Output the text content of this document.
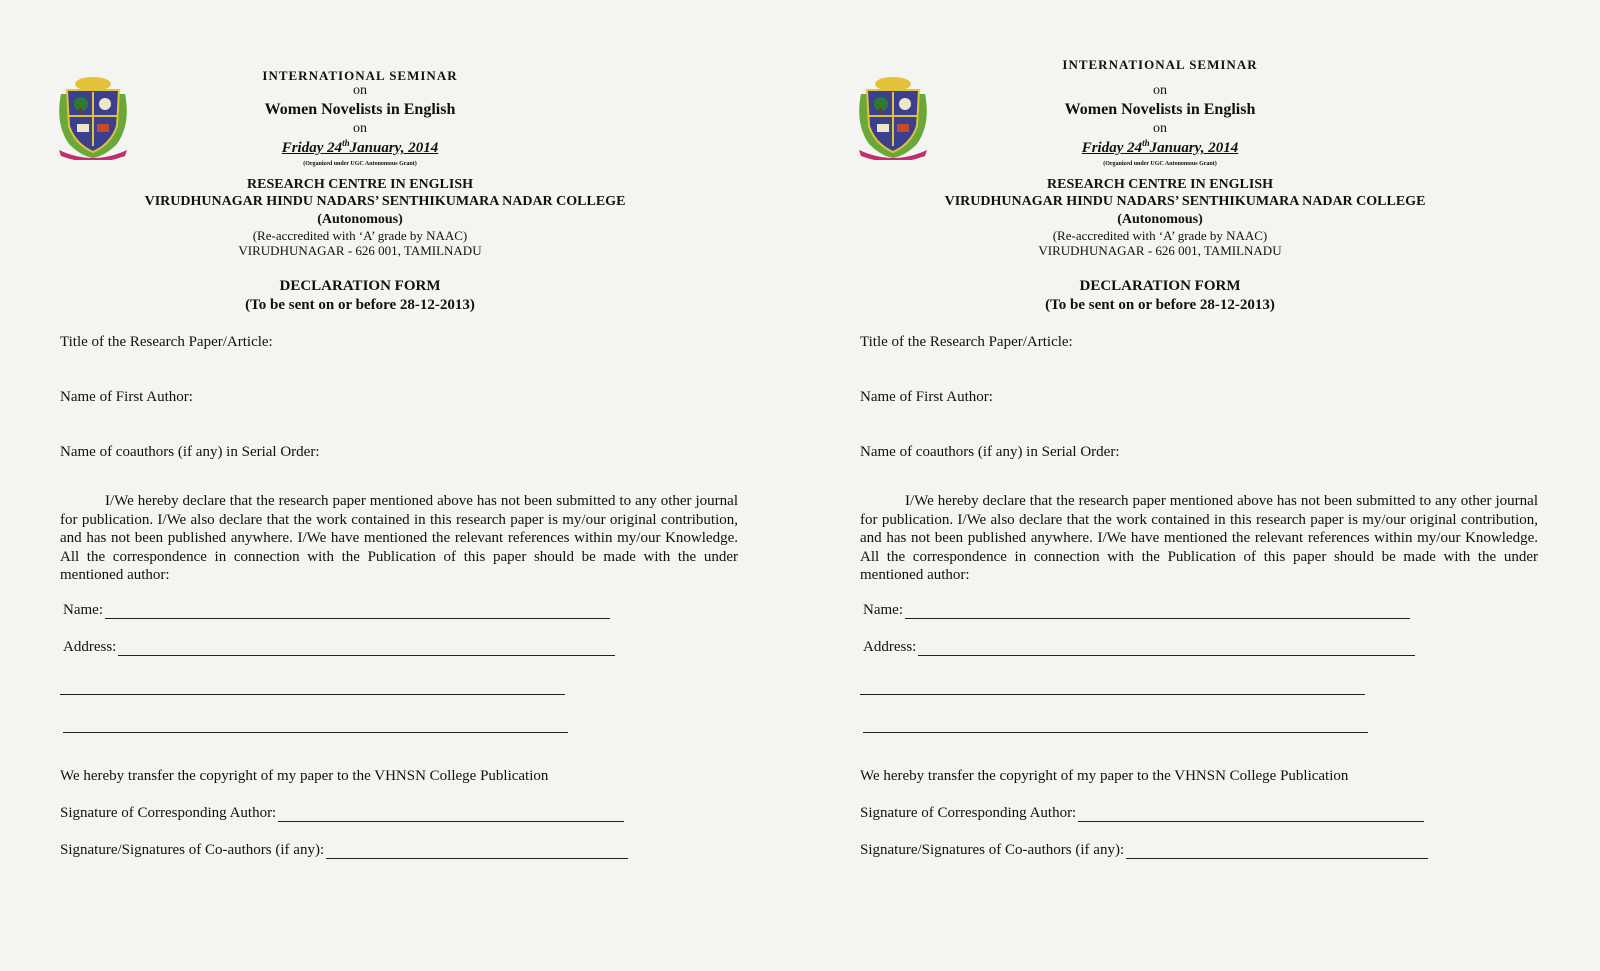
INTERNATIONAL SEMINAR
on
Women Novelists in English
on
Friday 24thJanuary, 2014
(Organized under UGC Autonomous Grant)
RESEARCH CENTRE IN ENGLISH
VIRUDHUNAGAR HINDU NADARS’ SENTHIKUMARA NADAR COLLEGE
(Autonomous)
(Re-accredited with ‘A’ grade by NAAC)
VIRUDHUNAGAR - 626 001, TAMILNADU
DECLARATION FORM
(To be sent on or before 28-12-2013)
Title of the Research Paper/Article:
Name of First Author:
Name of coauthors (if any) in Serial Order:

I/We hereby declare that the research paper mentioned above has not been submitted to any other journal for publication. I/We also declare that the work contained in this research paper is my/our original contribution, and has not been published anywhere. I/We have mentioned the relevant references within my/our Knowledge. All the correspondence in connection with the Publication of this paper should be made with the under mentioned author:

Name:
Address:
We hereby transfer the copyright of my paper to the VHNSN College Publication
Signature of Corresponding Author:
Signature/Signatures of Co-authors (if any):
INTERNATIONAL SEMINAR
on
Women Novelists in English
on
Friday 24thJanuary, 2014
(Organized under UGC Autonomous Grant)
RESEARCH CENTRE IN ENGLISH
VIRUDHUNAGAR HINDU NADARS’ SENTHIKUMARA NADAR COLLEGE
(Autonomous)
(Re-accredited with ‘A’ grade by NAAC)
VIRUDHUNAGAR - 626 001, TAMILNADU
DECLARATION FORM
(To be sent on or before 28-12-2013)
Title of the Research Paper/Article:
Name of First Author:
Name of coauthors (if any) in Serial Order:

I/We hereby declare that the research paper mentioned above has not been submitted to any other journal for publication. I/We also declare that the work contained in this research paper is my/our original contribution, and has not been published anywhere. I/We have mentioned the relevant references within my/our Knowledge. All the correspondence in connection with the Publication of this paper should be made with the under mentioned author:

Name:
Address:
We hereby transfer the copyright of my paper to the VHNSN College Publication
Signature of Corresponding Author:
Signature/Signatures of Co-authors (if any):
